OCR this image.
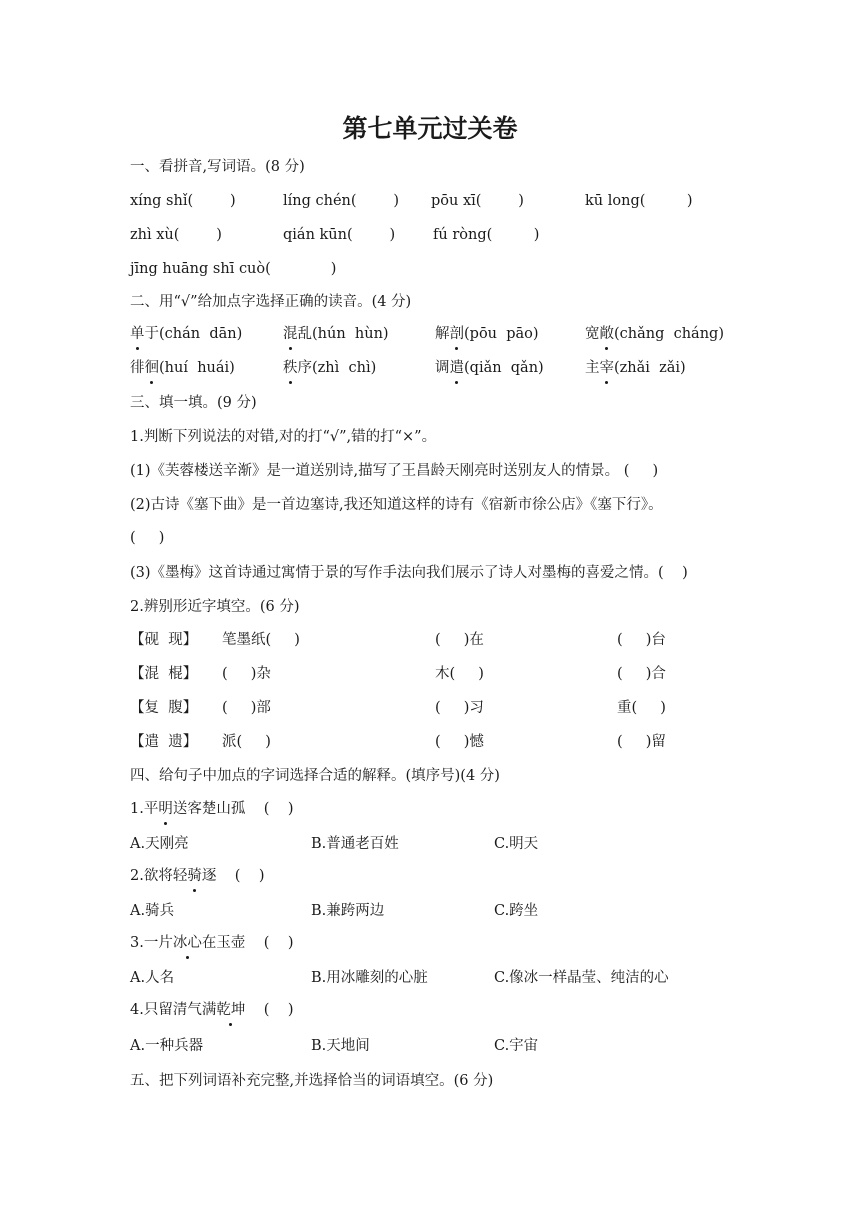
第七单元过关卷
一、看拼音,写词语。(8 分)
xíng shǐ(        )	líng chén(        ) pōu xī(        )	kū long(         )
zhì xù(        )	qián kūn(        )	fú ròng(         )
jīng huāng shī cuò(             )
二、用“√”给加点字选择正确的读音。(4 分)
单于(chán  dān)	混乱(hún  hùn)	解剖(pōu  pāo)	宽敞(chǎng  cháng)
徘徊(huí  huái)	秩序(zhì  chì)	调遣(qiǎn  qǎn)	主宰(zhǎi  zǎi)
三、填一填。(9 分)
1.判断下列说法的对错,对的打“√”,错的打“×”。
(1)《芙蓉楼送辛渐》是一道送别诗,描写了王昌龄天刚亮时送别友人的情景。 (     )
(2)古诗《塞下曲》是一首边塞诗,我还知道这样的诗有《宿新市徐公店》《塞下行》。
(     )
(3)《墨梅》这首诗通过寓情于景的写作手法向我们展示了诗人对墨梅的喜爱之情。(    )
2.辨别形近字填空。(6 分)
【砚  现】 笔墨纸(     )	(     )在	(     )台
【混  棍】 (     )杂	木(     )	(     )合
【复  腹】 (     )部	(     )习	重(     )
【遣  遗】 派(     )	(     )憾	(     )留
四、给句子中加点的字词选择合适的解释。(填序号)(4 分)
1.平明送客楚山孤    (    )
A.天刚亮	B.普通老百姓	C.明天
2.欲将轻骑逐    (    )
A.骑兵	B.兼跨两边	C.跨坐
3.一片冰心在玉壶    (    )
A.人名	B.用冰雕刻的心脏	C.像冰一样晶莹、纯洁的心
4.只留清气满乾坤    (    )
A.一种兵器	B.天地间	C.宇宙
五、把下列词语补充完整,并选择恰当的词语填空。(6 分)
